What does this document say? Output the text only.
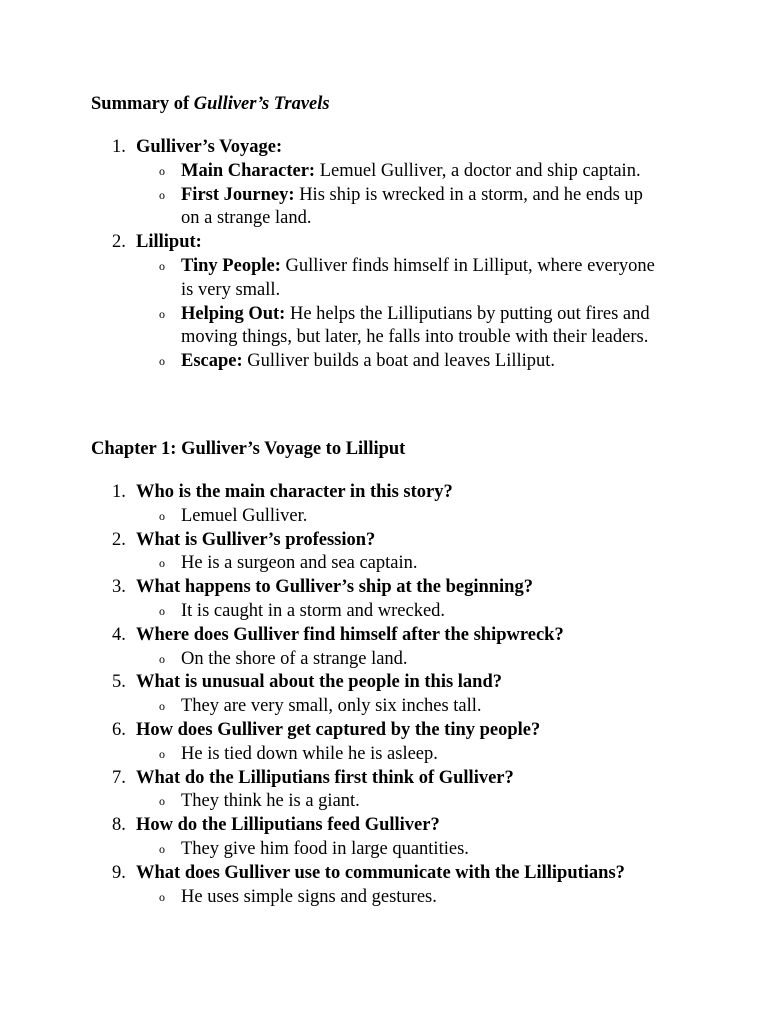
Summary of Gulliver’s Travels
1. Gulliver’s Voyage:
o Main Character: Lemuel Gulliver, a doctor and ship captain.
o First Journey: His ship is wrecked in a storm, and he ends up on a strange land.
2. Lilliput:
o Tiny People: Gulliver finds himself in Lilliput, where everyone is very small.
o Helping Out: He helps the Lilliputians by putting out fires and moving things, but later, he falls into trouble with their leaders.
o Escape: Gulliver builds a boat and leaves Lilliput.
Chapter 1: Gulliver’s Voyage to Lilliput
1. Who is the main character in this story?
o Lemuel Gulliver.
2. What is Gulliver’s profession?
o He is a surgeon and sea captain.
3. What happens to Gulliver’s ship at the beginning?
o It is caught in a storm and wrecked.
4. Where does Gulliver find himself after the shipwreck?
o On the shore of a strange land.
5. What is unusual about the people in this land?
o They are very small, only six inches tall.
6. How does Gulliver get captured by the tiny people?
o He is tied down while he is asleep.
7. What do the Lilliputians first think of Gulliver?
o They think he is a giant.
8. How do the Lilliputians feed Gulliver?
o They give him food in large quantities.
9. What does Gulliver use to communicate with the Lilliputians?
o He uses simple signs and gestures.
